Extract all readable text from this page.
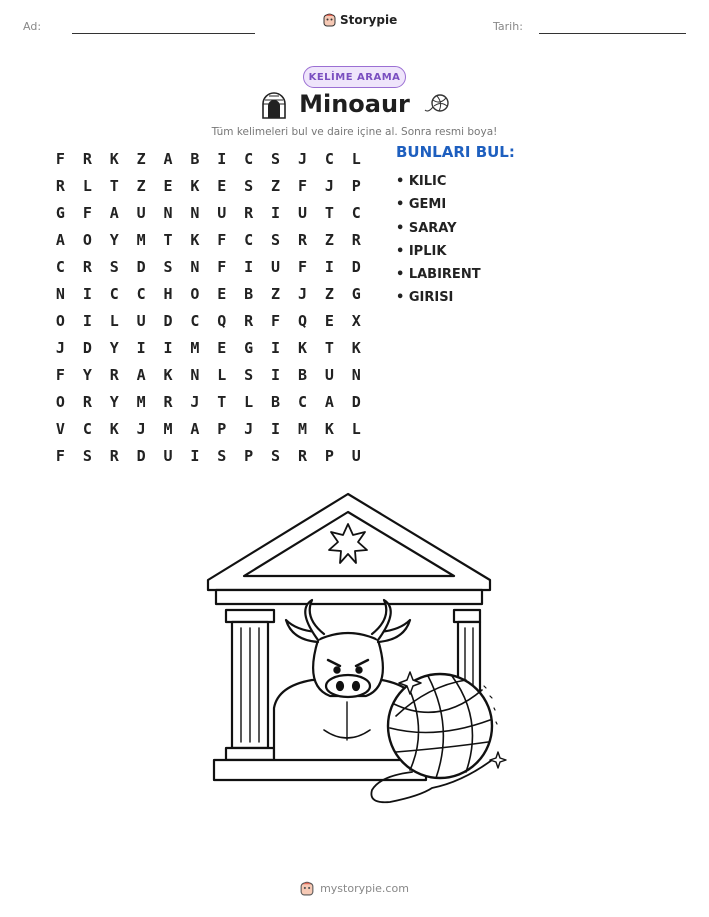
Ad:	Storypie	Tarih:
KELİME ARAMA
Minoaur
Tüm kelimeleri bul ve daire içine al. Sonra resmi boya!
F	R	K	Z	A	B	I	C	S	J	C	L
R	L	T	Z	E	K	E	S	Z	F	J	P
G	F	A	U	N	N	U	R	I	U	T	C
A	O	Y	M	T	K	F	C	S	R	Z	R
C	R	S	D	S	N	F	I	U	F	I	D
N	I	C	C	H	O	E	B	Z	J	Z	G
O	I	L	U	D	C	Q	R	F	Q	E	X
J	D	Y	I	I	M	E	G	I	K	T	K
F	Y	R	A	K	N	L	S	I	B	U	N
O	R	Y	M	R	J	T	L	B	C	A	D
V	C	K	J	M	A	P	J	I	M	K	L
F	S	R	D	U	I	S	P	S	R	P	U
BUNLARI BUL:
• KILIC
• GEMI
• SARAY
• IPLIK
• LABIRENT
• GIRISI
mystorypie.com
